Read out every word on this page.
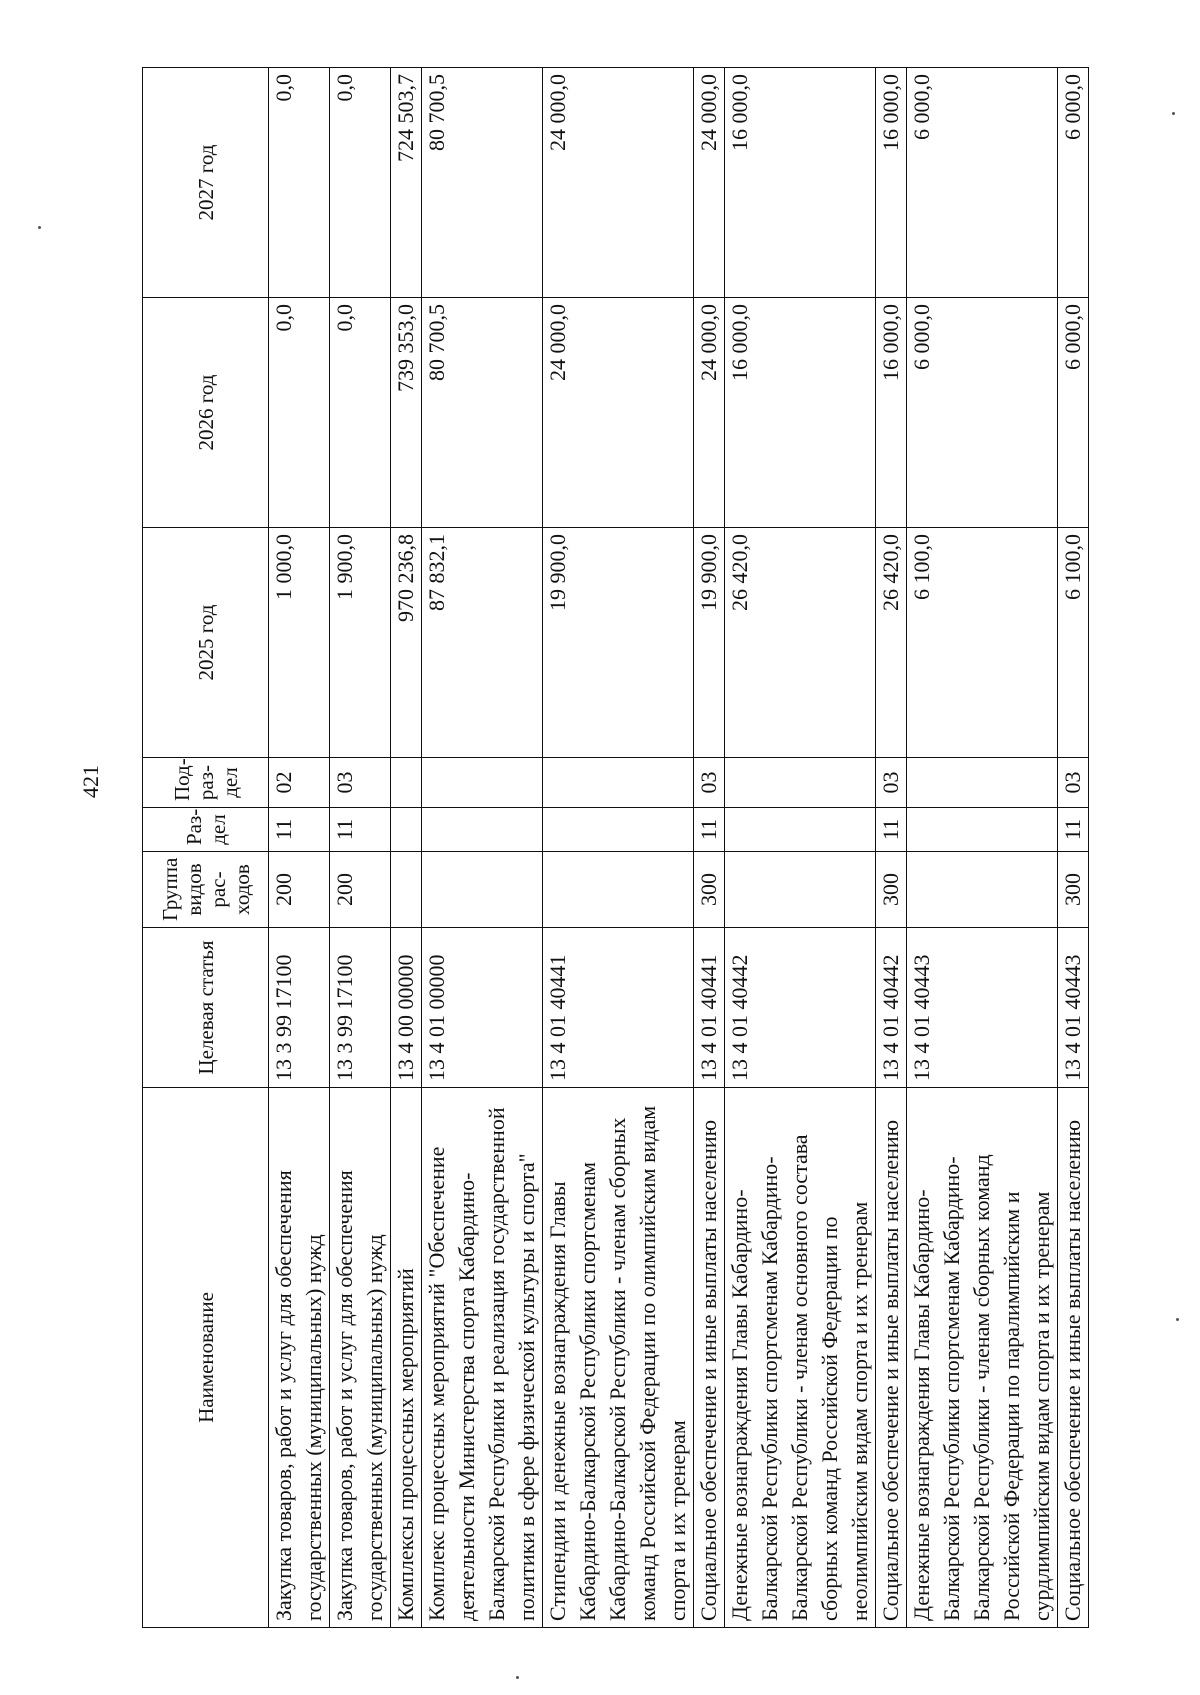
421
Наименование	Целевая статья	Группа видов рас-ходов	Раз-дел	Под-раз-дел	2025 год	2026 год	2027 год
Закупка товаров, работ и услуг для обеспечения государственных (муниципальных) нужд	13 3 99 17100	200	11	02	1 000,0	0,0	0,0
Закупка товаров, работ и услуг для обеспечения государственных (муниципальных) нужд	13 3 99 17100	200	11	03	1 900,0	0,0	0,0
Комплексы процессных мероприятий	13 4 00 00000				970 236,8	739 353,0	724 503,7
Комплекс процессных мероприятий "Обеспечение деятельности Министерства спорта Кабардино-Балкарской Республики и реализация государственной политики в сфере физической культуры и спорта"	13 4 01 00000				87 832,1	80 700,5	80 700,5
Стипендии и денежные вознаграждения Главы Кабардино-Балкарской Республики спортсменам Кабардино-Балкарской Республики - членам сборных команд Российской Федерации по олимпийским видам спорта и их тренерам	13 4 01 40441				19 900,0	24 000,0	24 000,0
Социальное обеспечение и иные выплаты населению	13 4 01 40441	300	11	03	19 900,0	24 000,0	24 000,0
Денежные вознаграждения Главы Кабардино-Балкарской Республики спортсменам Кабардино-Балкарской Республики - членам основного состава сборных команд Российской Федерации по неолимпийским видам спорта и их тренерам	13 4 01 40442				26 420,0	16 000,0	16 000,0
Социальное обеспечение и иные выплаты населению	13 4 01 40442	300	11	03	26 420,0	16 000,0	16 000,0
Денежные вознаграждения Главы Кабардино-Балкарской Республики спортсменам Кабардино-Балкарской Республики - членам сборных команд Российской Федерации по паралимпийским и сурдлимпийским видам спорта и их тренерам	13 4 01 40443				6 100,0	6 000,0	6 000,0
Социальное обеспечение и иные выплаты населению	13 4 01 40443	300	11	03	6 100,0	6 000,0	6 000,0
